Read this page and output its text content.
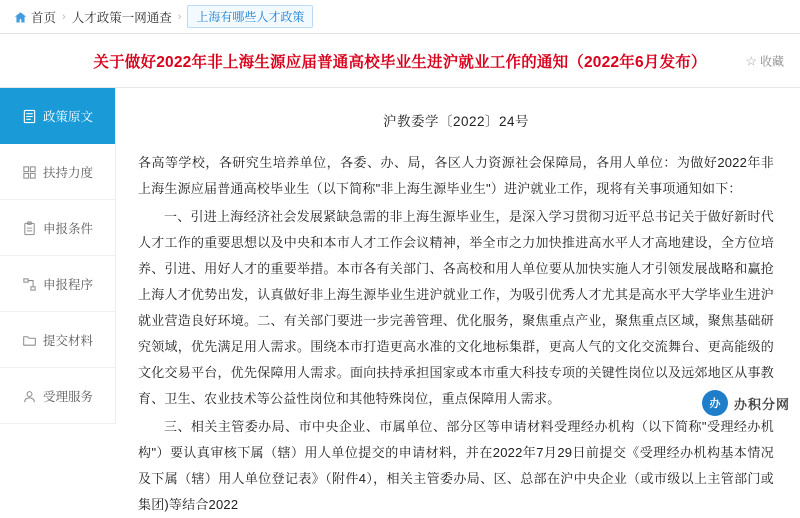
首页 › 人才政策一网通查 ›	上海有哪些人才政策
关于做好2022年非上海生源应届普通高校毕业生进沪就业工作的通知（2022年6月发布）	☆ 收藏
政策原文
扶持力度
申报条件
申报程序
提交材料
受理服务
沪教委学〔2022〕24号

各高等学校，各研究生培养单位，各委、办、局，各区人力资源社会保障局，各用人单位：为做好2022年非上海生源应届普通高校毕业生（以下简称"非上海生源毕业生"）进沪就业工作，现将有关事项通知如下：

一、引进上海经济社会发展紧缺急需的非上海生源毕业生，是深入学习贯彻习近平总书记关于做好新时代人才工作的重要思想以及中央和本市人才工作会议精神，举全市之力加快推进高水平人才高地建设，全方位培养、引进、用好人才的重要举措。本市各有关部门、各高校和用人单位要从加快实施人才引领发展战略和赢抢上海人才优势出发，认真做好非上海生源毕业生进沪就业工作，为吸引优秀人才尤其是高水平大学毕业生进沪就业营造良好环境。二、有关部门要进一步完善管理、优化服务，聚焦重点产业，聚焦重点区域，聚焦基础研究领域，优先满足用人需求。围绕本市打造更高水准的文化地标集群，更高人气的文化交流舞台、更高能级的文化交易平台，优先保障用人需求。面向扶持承担国家或本市重大科技专项的关键性岗位以及远郊地区从事教育、卫生、农业技术等公益性岗位和其他特殊岗位，重点保障用人需求。

三、相关主管委办局、市中央企业、市属单位、部分区等申请材料受理经办机构（以下简称"受理经办机构"）要认真审核下属（辖）用人单位提交的申请材料，并在2022年7月29日前提交《受理经办机构基本情况及下属（辖）用人单位登记表》（附件4），相关主管委办局、区、总部在沪中央企业（或市级以上主管部门或集团)等结合2022

办	办积分网
